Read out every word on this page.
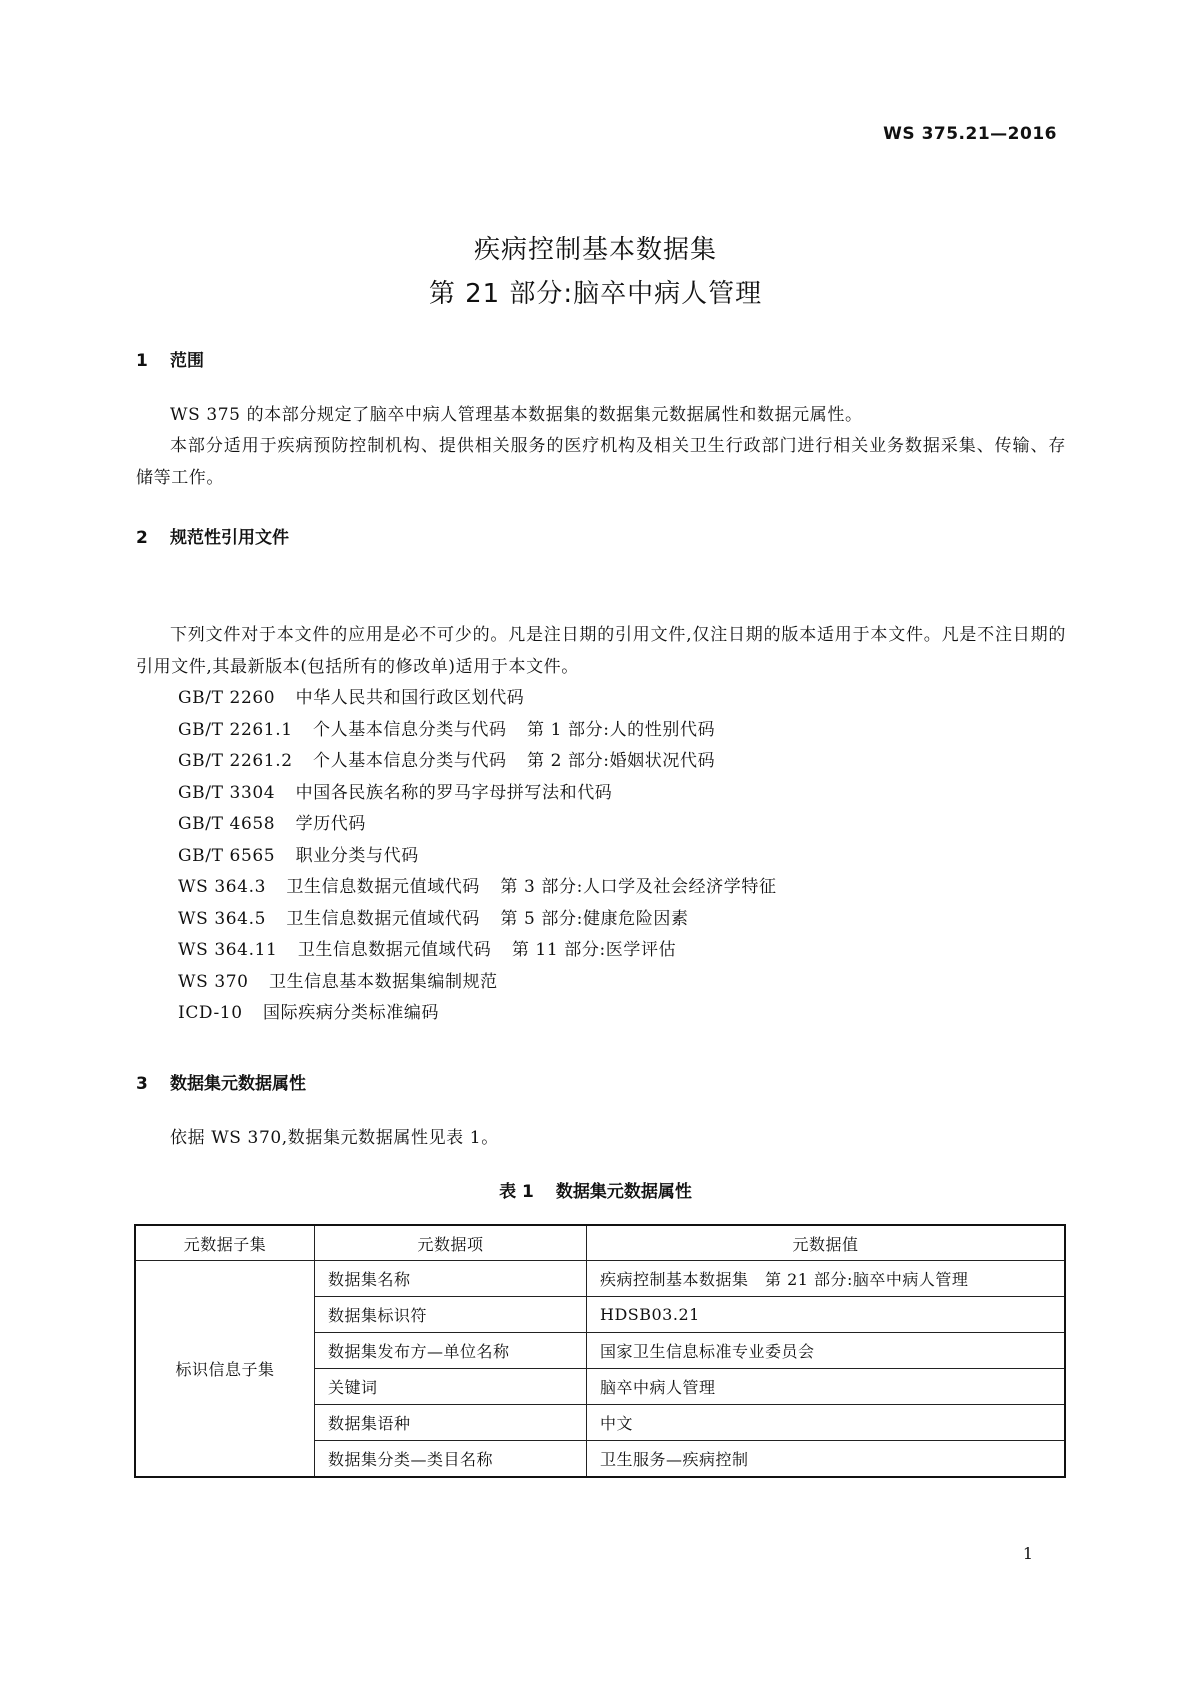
WS 375.21—2016
疾病控制基本数据集
第 21 部分:脑卒中病人管理
1 范围
WS 375 的本部分规定了脑卒中病人管理基本数据集的数据集元数据属性和数据元属性。
本部分适用于疾病预防控制机构、提供相关服务的医疗机构及相关卫生行政部门进行相关业务数据采集、传输、存储等工作。
2 规范性引用文件
下列文件对于本文件的应用是必不可少的。凡是注日期的引用文件,仅注日期的版本适用于本文件。凡是不注日期的引用文件,其最新版本(包括所有的修改单)适用于本文件。
GB/T 2260 中华人民共和国行政区划代码
GB/T 2261.1 个人基本信息分类与代码 第 1 部分:人的性别代码
GB/T 2261.2 个人基本信息分类与代码 第 2 部分:婚姻状况代码
GB/T 3304 中国各民族名称的罗马字母拼写法和代码
GB/T 4658 学历代码
GB/T 6565 职业分类与代码
WS 364.3 卫生信息数据元值域代码 第 3 部分:人口学及社会经济学特征
WS 364.5 卫生信息数据元值域代码 第 5 部分:健康危险因素
WS 364.11 卫生信息数据元值域代码 第 11 部分:医学评估
WS 370 卫生信息基本数据集编制规范
ICD-10 国际疾病分类标准编码
3 数据集元数据属性
依据 WS 370,数据集元数据属性见表 1。
表 1 数据集元数据属性
元数据子集	元数据项	元数据值
标识信息子集	数据集名称	疾病控制基本数据集　第 21 部分:脑卒中病人管理
	数据集标识符	HDSB03.21
	数据集发布方—单位名称	国家卫生信息标准专业委员会
	关键词	脑卒中病人管理
	数据集语种	中文
	数据集分类—类目名称	卫生服务—疾病控制
1
